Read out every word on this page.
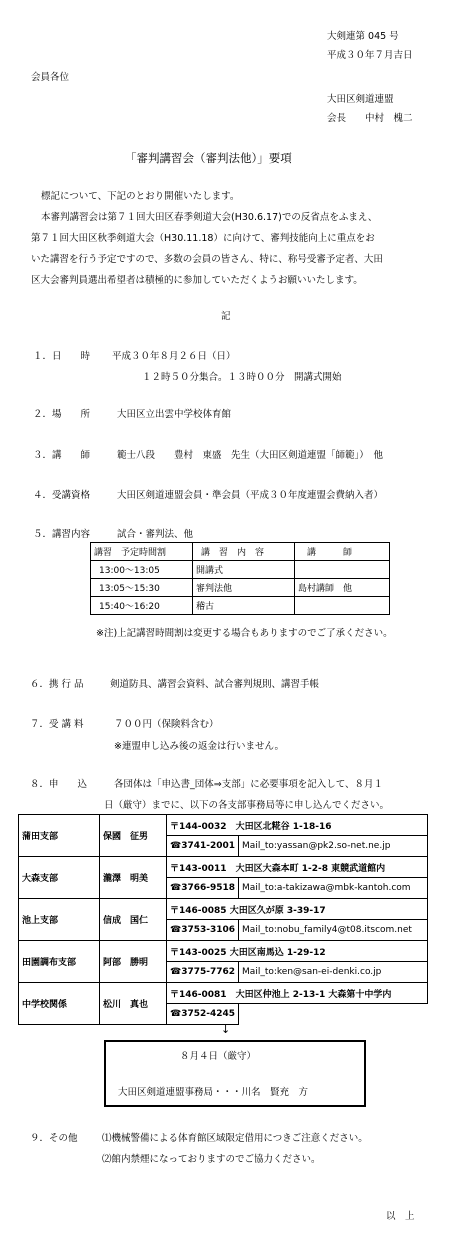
大剣連第 045 号
平成３０年７月吉日
会員各位
大田区剣道連盟
会長　　中村　槐二
「審判講習会（審判法他）」要項
標記について、下記のとおり開催いたします。
本審判講習会は第７１回大田区春季剣道大会(H30.6.17)での反省点をふまえ、
第７１回大田区秋季剣道大会（H30.11.18）に向けて、審判技能向上に重点をお
いた講習を行う予定ですので、多数の会員の皆さん、特に、称号受審予定者、大田
区大会審判員選出希望者は積極的に参加していただくようお願いいたします。
記
１．日　　時 平成３０年８月２６日（日）
１２時５０分集合。１３時００分　開講式開始
２．場　　所	大田区立出雲中学校体育館
３．講　　師	範士八段　　豊村　東盛　先生（大田区剣道連盟「師範」）　他
４．受講資格	大田区剣道連盟会員・準会員（平成３０年度連盟会費納入者）
５．講習内容	試合・審判法、他
講習　予定時間割	講　習　内　容	講　　　師
13:00～13:05	開講式	
13:05～15:30	審判法他	島村講師　他
15:40～16:20	稽古	
※注)上記講習時間割は変更する場合もありますのでご了承ください。
６．携 行 品	剣道防具、講習会資料、試合審判規則、講習手帳
７．受 講 料	７００円（保険料含む）
※連盟申し込み後の返金は行いません。
８．申　　込	各団体は「申込書_団体⇒支部」に必要事項を記入して、８月１
日（厳守）までに、以下の各支部事務局等に申し込んでください。
蒲田支部	保國　征男	〒144-0032　大田区北糀谷 1-18-16	
		☎3741-2001	Mail_to:yassan@pk2.so-net.ne.jp
大森支部	瀧澤　明美	〒143-0011　大田区大森本町 1-2-8 東競武道館内	
		☎3766-9518	Mail_to:a-takizawa@mbk-kantoh.com
池上支部	信成　国仁	〒146-0085 大田区久が原 3-39-17	
		☎3753-3106	Mail_to:nobu_family4@t08.itscom.net
田園調布支部	阿部　勝明	〒143-0025 大田区南馬込 1-29-12	
		☎3775-7762	Mail_to:ken@san-ei-denki.co.jp
中学校関係	松川　真也	〒146-0081　大田区仲池上 2-13-1 大森第十中学内	
		☎3752-4245	
↓
８月４日（厳守）
大田区剣道連盟事務局・・・川名　賢充　方
９．その他	⑴機械警備による体育館区域限定借用につきご注意ください。
⑵館内禁煙になっておりますのでご協力ください。
以　上
